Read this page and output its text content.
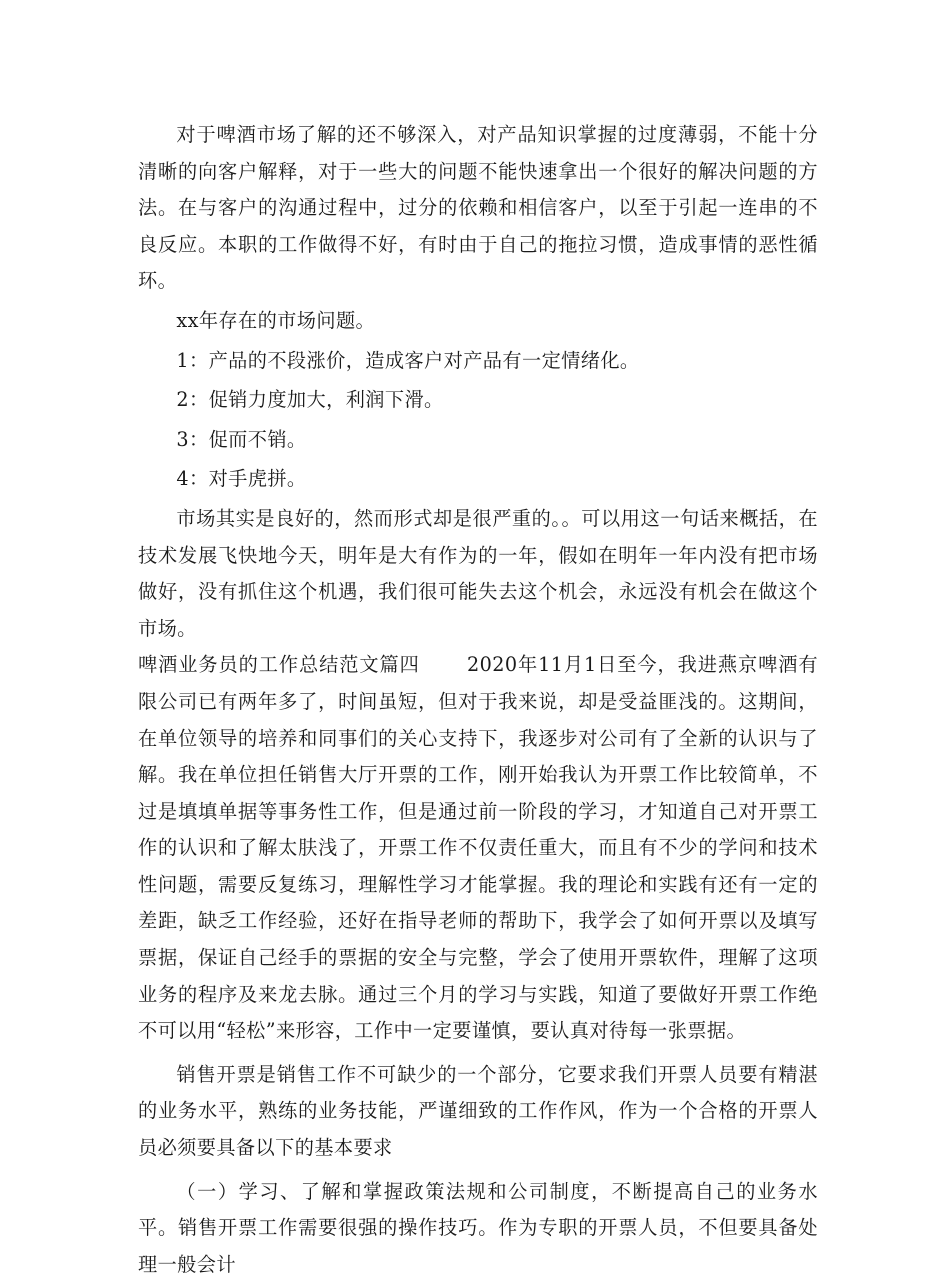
对于啤酒市场了解的还不够深入，对产品知识掌握的过度薄弱，不能十分清晰的向客户解释，对于一些大的问题不能快速拿出一个很好的解决问题的方法。在与客户的沟通过程中，过分的依赖和相信客户，以至于引起一连串的不良反应。本职的工作做得不好，有时由于自己的拖拉习惯，造成事情的恶性循环。

xx年存在的市场问题。

1：产品的不段涨价，造成客户对产品有一定情绪化。

2：促销力度加大，利润下滑。

3：促而不销。

4：对手虎拼。

市场其实是良好的，然而形式却是很严重的。。可以用这一句话来概括，在技术发展飞快地今天，明年是大有作为的一年，假如在明年一年内没有把市场做好，没有抓住这个机遇，我们很可能失去这个机会，永远没有机会在做这个市场。

啤酒业务员的工作总结范文篇四　　 2020年11月1日至今，我进燕京啤酒有限公司已有两年多了，时间虽短，但对于我来说，却是受益匪浅的。这期间，在单位领导的培养和同事们的关心支持下，我逐步对公司有了全新的认识与了解。我在单位担任销售大厅开票的工作，刚开始我认为开票工作比较简单，不过是填填单据等事务性工作，但是通过前一阶段的学习，才知道自己对开票工作的认识和了解太肤浅了，开票工作不仅责任重大，而且有不少的学问和技术性问题，需要反复练习，理解性学习才能掌握。我的理论和实践有还有一定的差距，缺乏工作经验，还好在指导老师的帮助下，我学会了如何开票以及填写票据，保证自己经手的票据的安全与完整，学会了使用开票软件，理解了这项业务的程序及来龙去脉。通过三个月的学习与实践，知道了要做好开票工作绝不可以用“轻松”来形容，工作中一定要谨慎，要认真对待每一张票据。

销售开票是销售工作不可缺少的一个部分，它要求我们开票人员要有精湛的业务水平，熟练的业务技能，严谨细致的工作作风，作为一个合格的开票人员必须要具备以下的基本要求

（一）学习、了解和掌握政策法规和公司制度，不断提高自己的业务水平。销售开票工作需要很强的操作技巧。作为专职的开票人员，不但要具备处理一般会计
